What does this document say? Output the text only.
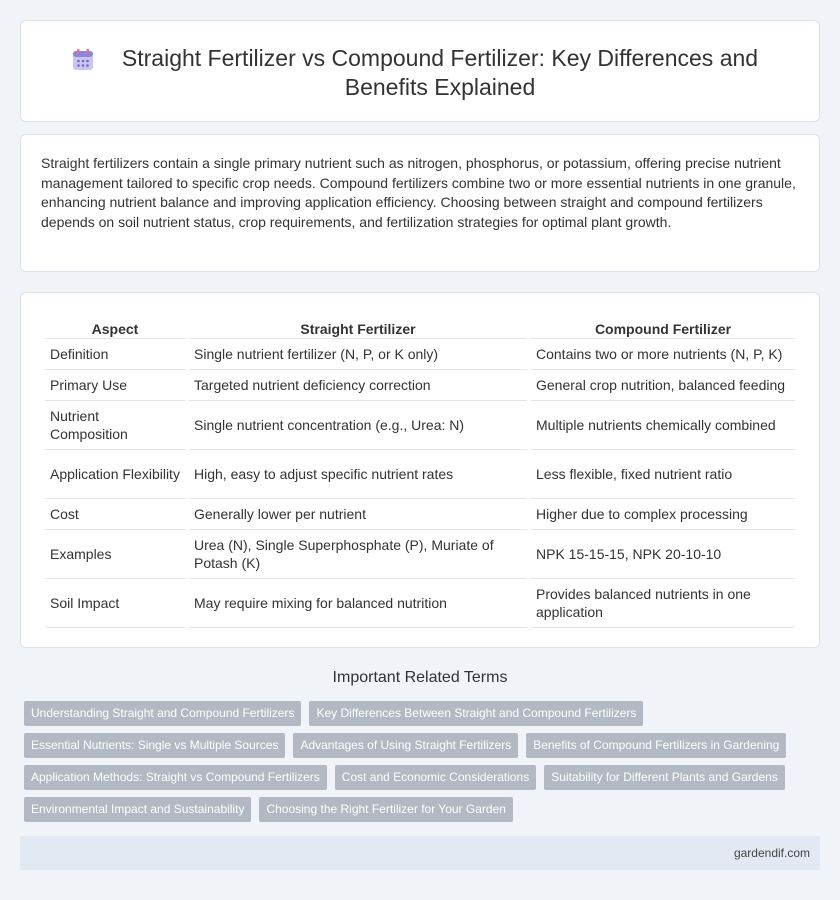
Straight Fertilizer vs Compound Fertilizer: Key Differences and Benefits Explained

Straight fertilizers contain a single primary nutrient such as nitrogen, phosphorus, or potassium, offering precise nutrient management tailored to specific crop needs. Compound fertilizers combine two or more essential nutrients in one granule, enhancing nutrient balance and improving application efficiency. Choosing between straight and compound fertilizers depends on soil nutrient status, crop requirements, and fertilization strategies for optimal plant growth.

Aspect	Straight Fertilizer	Compound Fertilizer
Definition	Single nutrient fertilizer (N, P, or K only)	Contains two or more nutrients (N, P, K)
Primary Use	Targeted nutrient deficiency correction	General crop nutrition, balanced feeding
Nutrient Composition	Single nutrient concentration (e.g., Urea: N)	Multiple nutrients chemically combined
Application Flexibility	High, easy to adjust specific nutrient rates	Less flexible, fixed nutrient ratio
Cost	Generally lower per nutrient	Higher due to complex processing
Examples	Urea (N), Single Superphosphate (P), Muriate of Potash (K)	NPK 15-15-15, NPK 20-10-10
Soil Impact	May require mixing for balanced nutrition	Provides balanced nutrients in one application
Important Related Terms
Understanding Straight and Compound Fertilizers	Key Differences Between Straight and Compound Fertilizers
Essential Nutrients: Single vs Multiple Sources	Advantages of Using Straight Fertilizers	Benefits of Compound Fertilizers in Gardening
Application Methods: Straight vs Compound Fertilizers	Cost and Economic Considerations	Suitability for Different Plants and Gardens
Environmental Impact and Sustainability	Choosing the Right Fertilizer for Your Garden
gardendif.com
